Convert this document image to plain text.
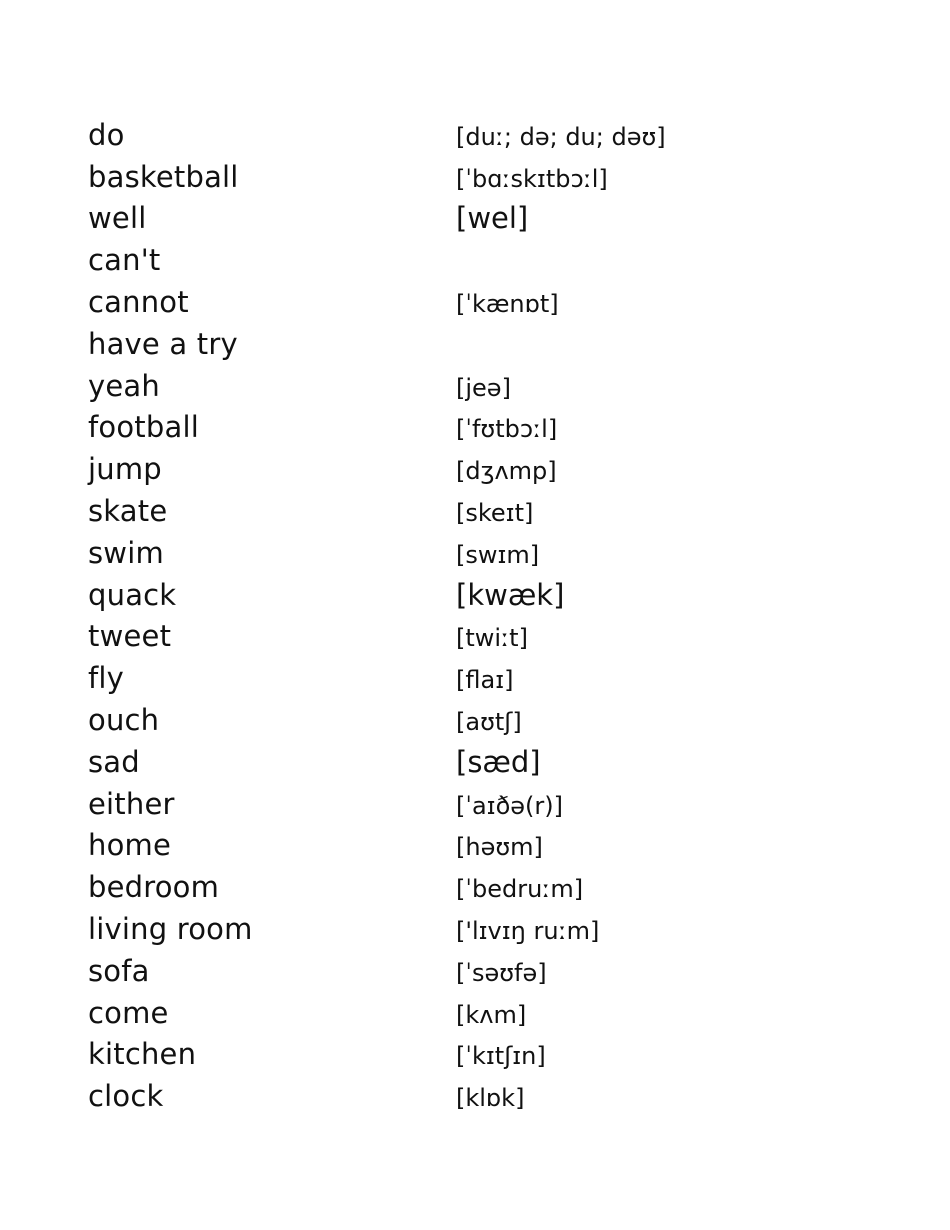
do	[duː; də; du; dəʊ]
basketball	[ˈbɑːskɪtbɔːl]
well	[wel]
can't
cannot	[ˈkænɒt]
have a try
yeah	[jeə]
football	[ˈfʊtbɔːl]
jump	[dʒʌmp]
skate	[skeɪt]
swim	[swɪm]
quack	[kwæk]
tweet	[twiːt]
fly	[flaɪ]
ouch	[aʊtʃ]
sad	[sæd]
either	[ˈaɪðə(r)]
home	[həʊm]
bedroom	[ˈbedruːm]
living room	['lɪvɪŋ ruːm]
sofa	[ˈsəʊfə]
come	[kʌm]
kitchen	[ˈkɪtʃɪn]
clock	[klɒk]
